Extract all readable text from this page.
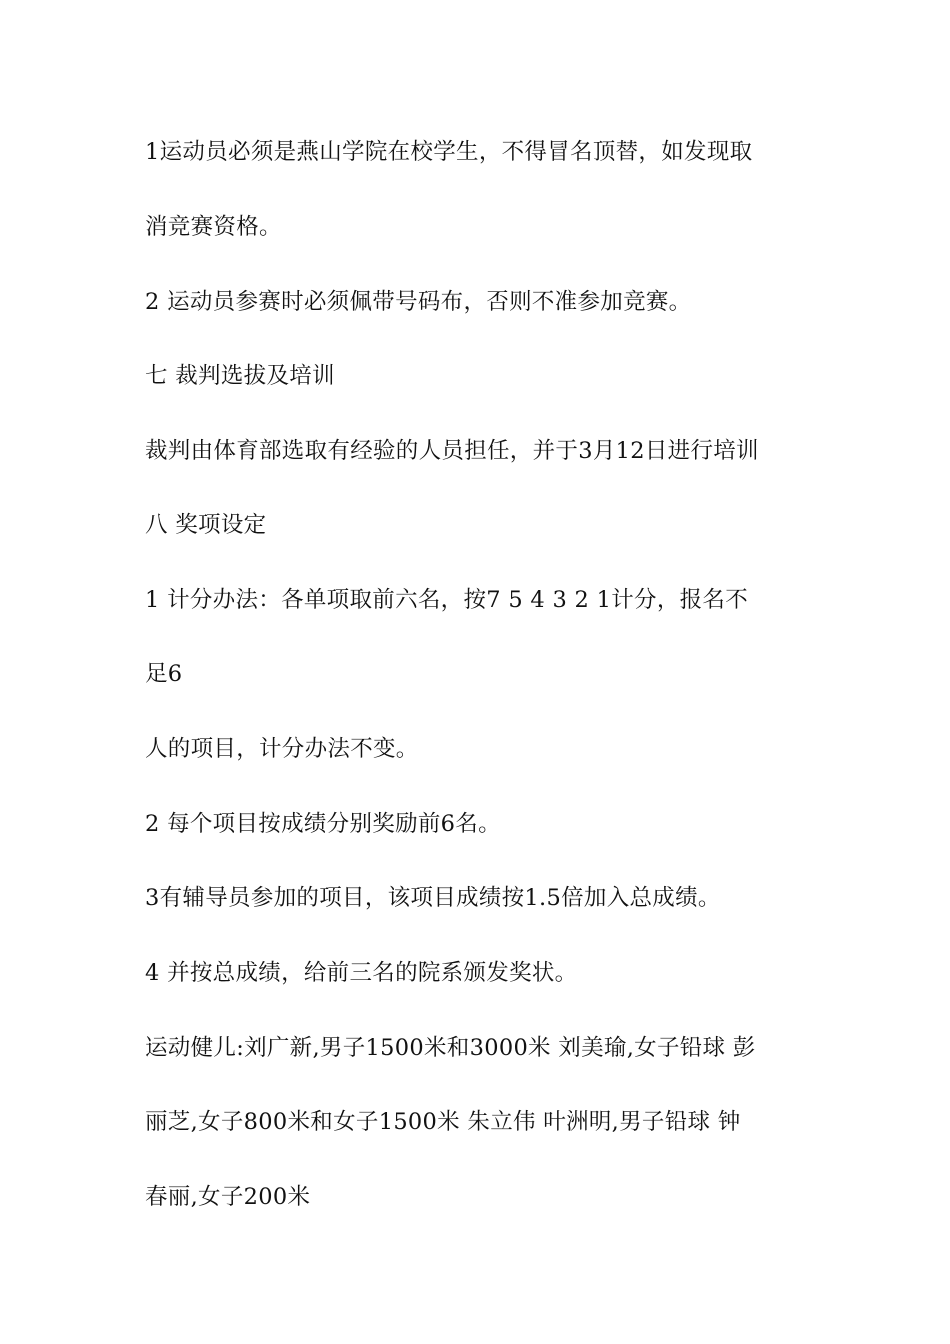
1运动员必须是燕山学院在校学生，不得冒名顶替，如发现取
消竞赛资格。
2 运动员参赛时必须佩带号码布，否则不准参加竞赛。
七 裁判选拔及培训
裁判由体育部选取有经验的人员担任，并于3月12日进行培训
八 奖项设定
1 计分办法：各单项取前六名，按7 5 4 3 2 1计分，报名不
足6
人的项目，计分办法不变。
2 每个项目按成绩分别奖励前6名。
3有辅导员参加的项目，该项目成绩按1.5倍加入总成绩。
4 并按总成绩，给前三名的院系颁发奖状。
运动健儿:刘广新,男子1500米和3000米 刘美瑜,女子铅球 彭
丽芝,女子800米和女子1500米 朱立伟 叶洲明,男子铅球 钟
春丽,女子200米
